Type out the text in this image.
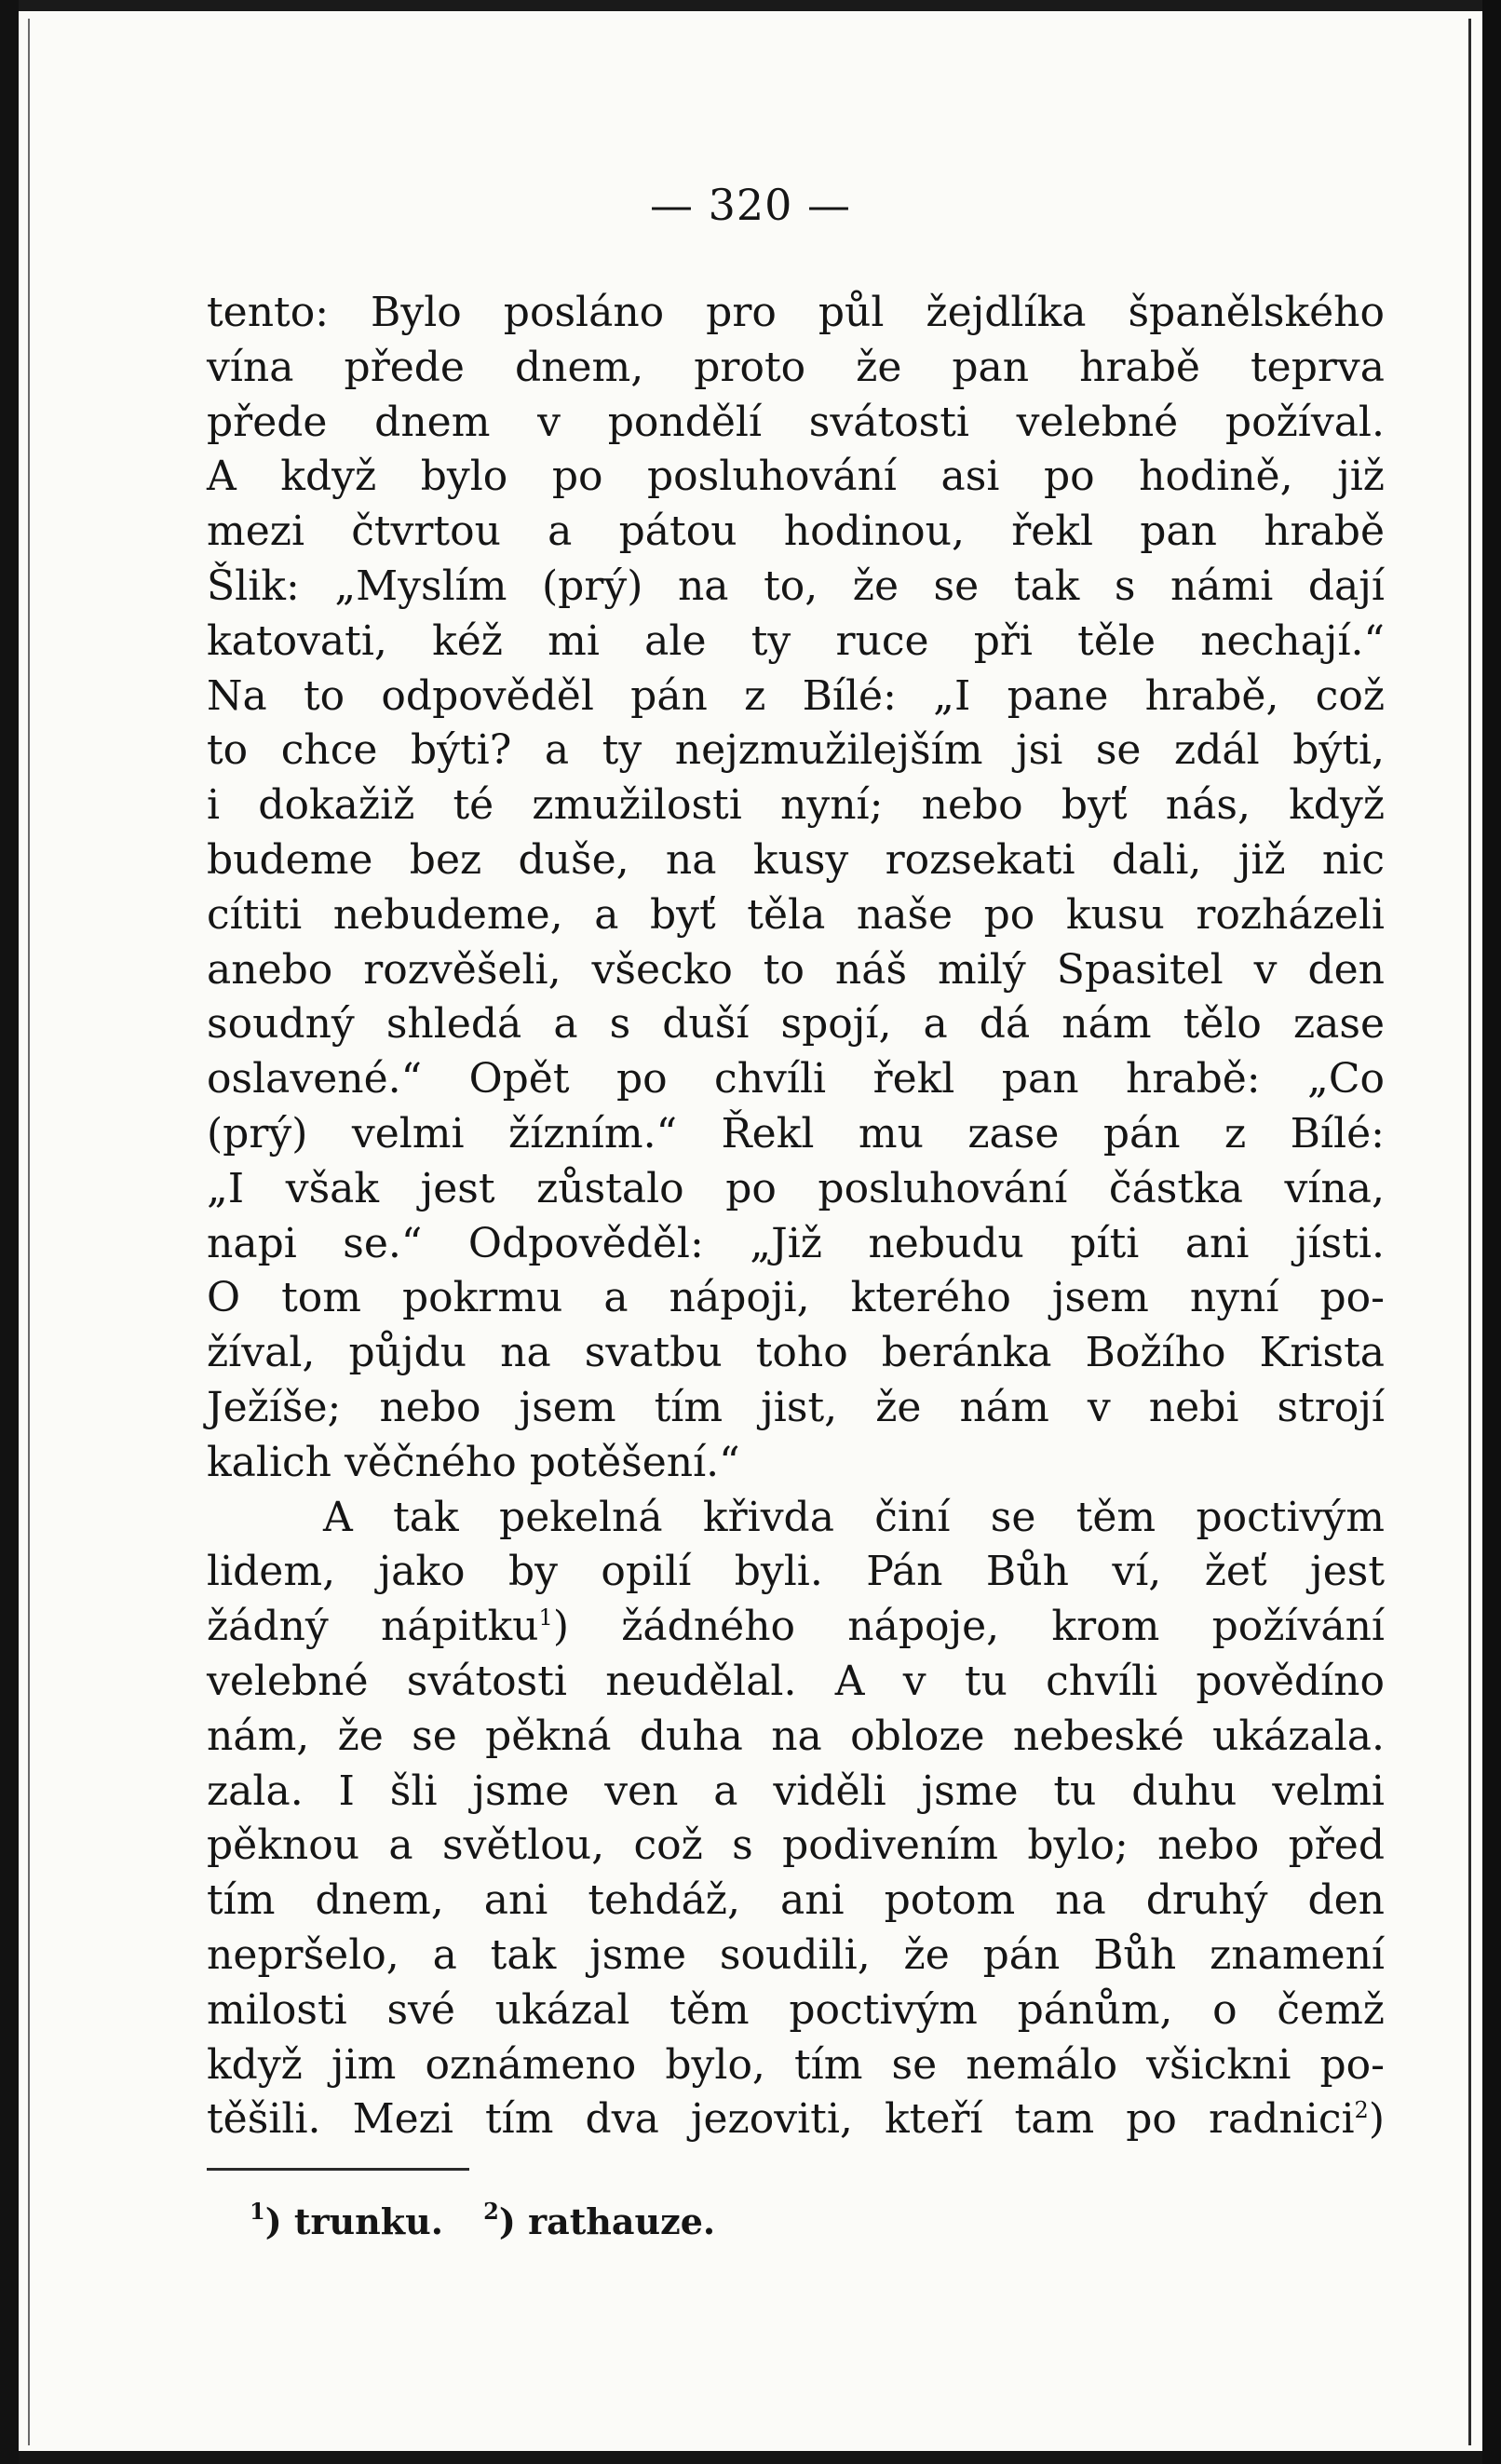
— 320 —
tento: Bylo posláno pro půl žejdlíka španělského
vína přede dnem, proto že pan hrabě teprva
přede dnem v pondělí svátosti velebné požíval.
A když bylo po posluhování asi po hodině, již
mezi čtvrtou a pátou hodinou, řekl pan hrabě
Šlik: „Myslím (prý) na to, že se tak s námi dají
katovati, kéž mi ale ty ruce při těle nechají.“
Na to odpověděl pán z Bílé: „I pane hrabě, což
to chce býti? a ty nejzmužilejším jsi se zdál býti,
i dokažiž té zmužilosti nyní; nebo byť nás, když
budeme bez duše, na kusy rozsekati dali, již nic
cítiti nebudeme, a byť těla naše po kusu rozházeli
anebo rozvěšeli, všecko to náš milý Spasitel v den
soudný shledá a s duší spojí, a dá nám tělo zase
oslavené.“ Opět po chvíli řekl pan hrabě: „Co
(prý) velmi žízním.“ Řekl mu zase pán z Bílé:
„I však jest zůstalo po posluhování částka vína,
napi se.“ Odpověděl: „Již nebudu píti ani jísti.
O tom pokrmu a nápoji, kterého jsem nyní po-
žíval, půjdu na svatbu toho beránka Božího Krista
Ježíše; nebo jsem tím jist, že nám v nebi strojí
kalich věčného potěšení.“
A tak pekelná křivda činí se těm poctivým
lidem, jako by opilí byli. Pán Bůh ví, žeť jest
žádný nápitku$^1$) žádného nápoje, krom požívání
velebné svátosti neudělal. A v tu chvíli povědíno
nám, že se pěkná duha na obloze nebeské ukázala.
zala. I šli jsme ven a viděli jsme tu duhu velmi
pěknou a světlou, což s podivením bylo; nebo před
tím dnem, ani tehdáž, ani potom na druhý den
nepršelo, a tak jsme soudili, že pán Bůh znamení
milosti své ukázal těm poctivým pánům, o čemž
když jim oznámeno bylo, tím se nemálo všickni po-
těšili. Mezi tím dva jezoviti, kteří tam po radnici$^2$)
$^1$) trunku. $^2$) rathauze.
